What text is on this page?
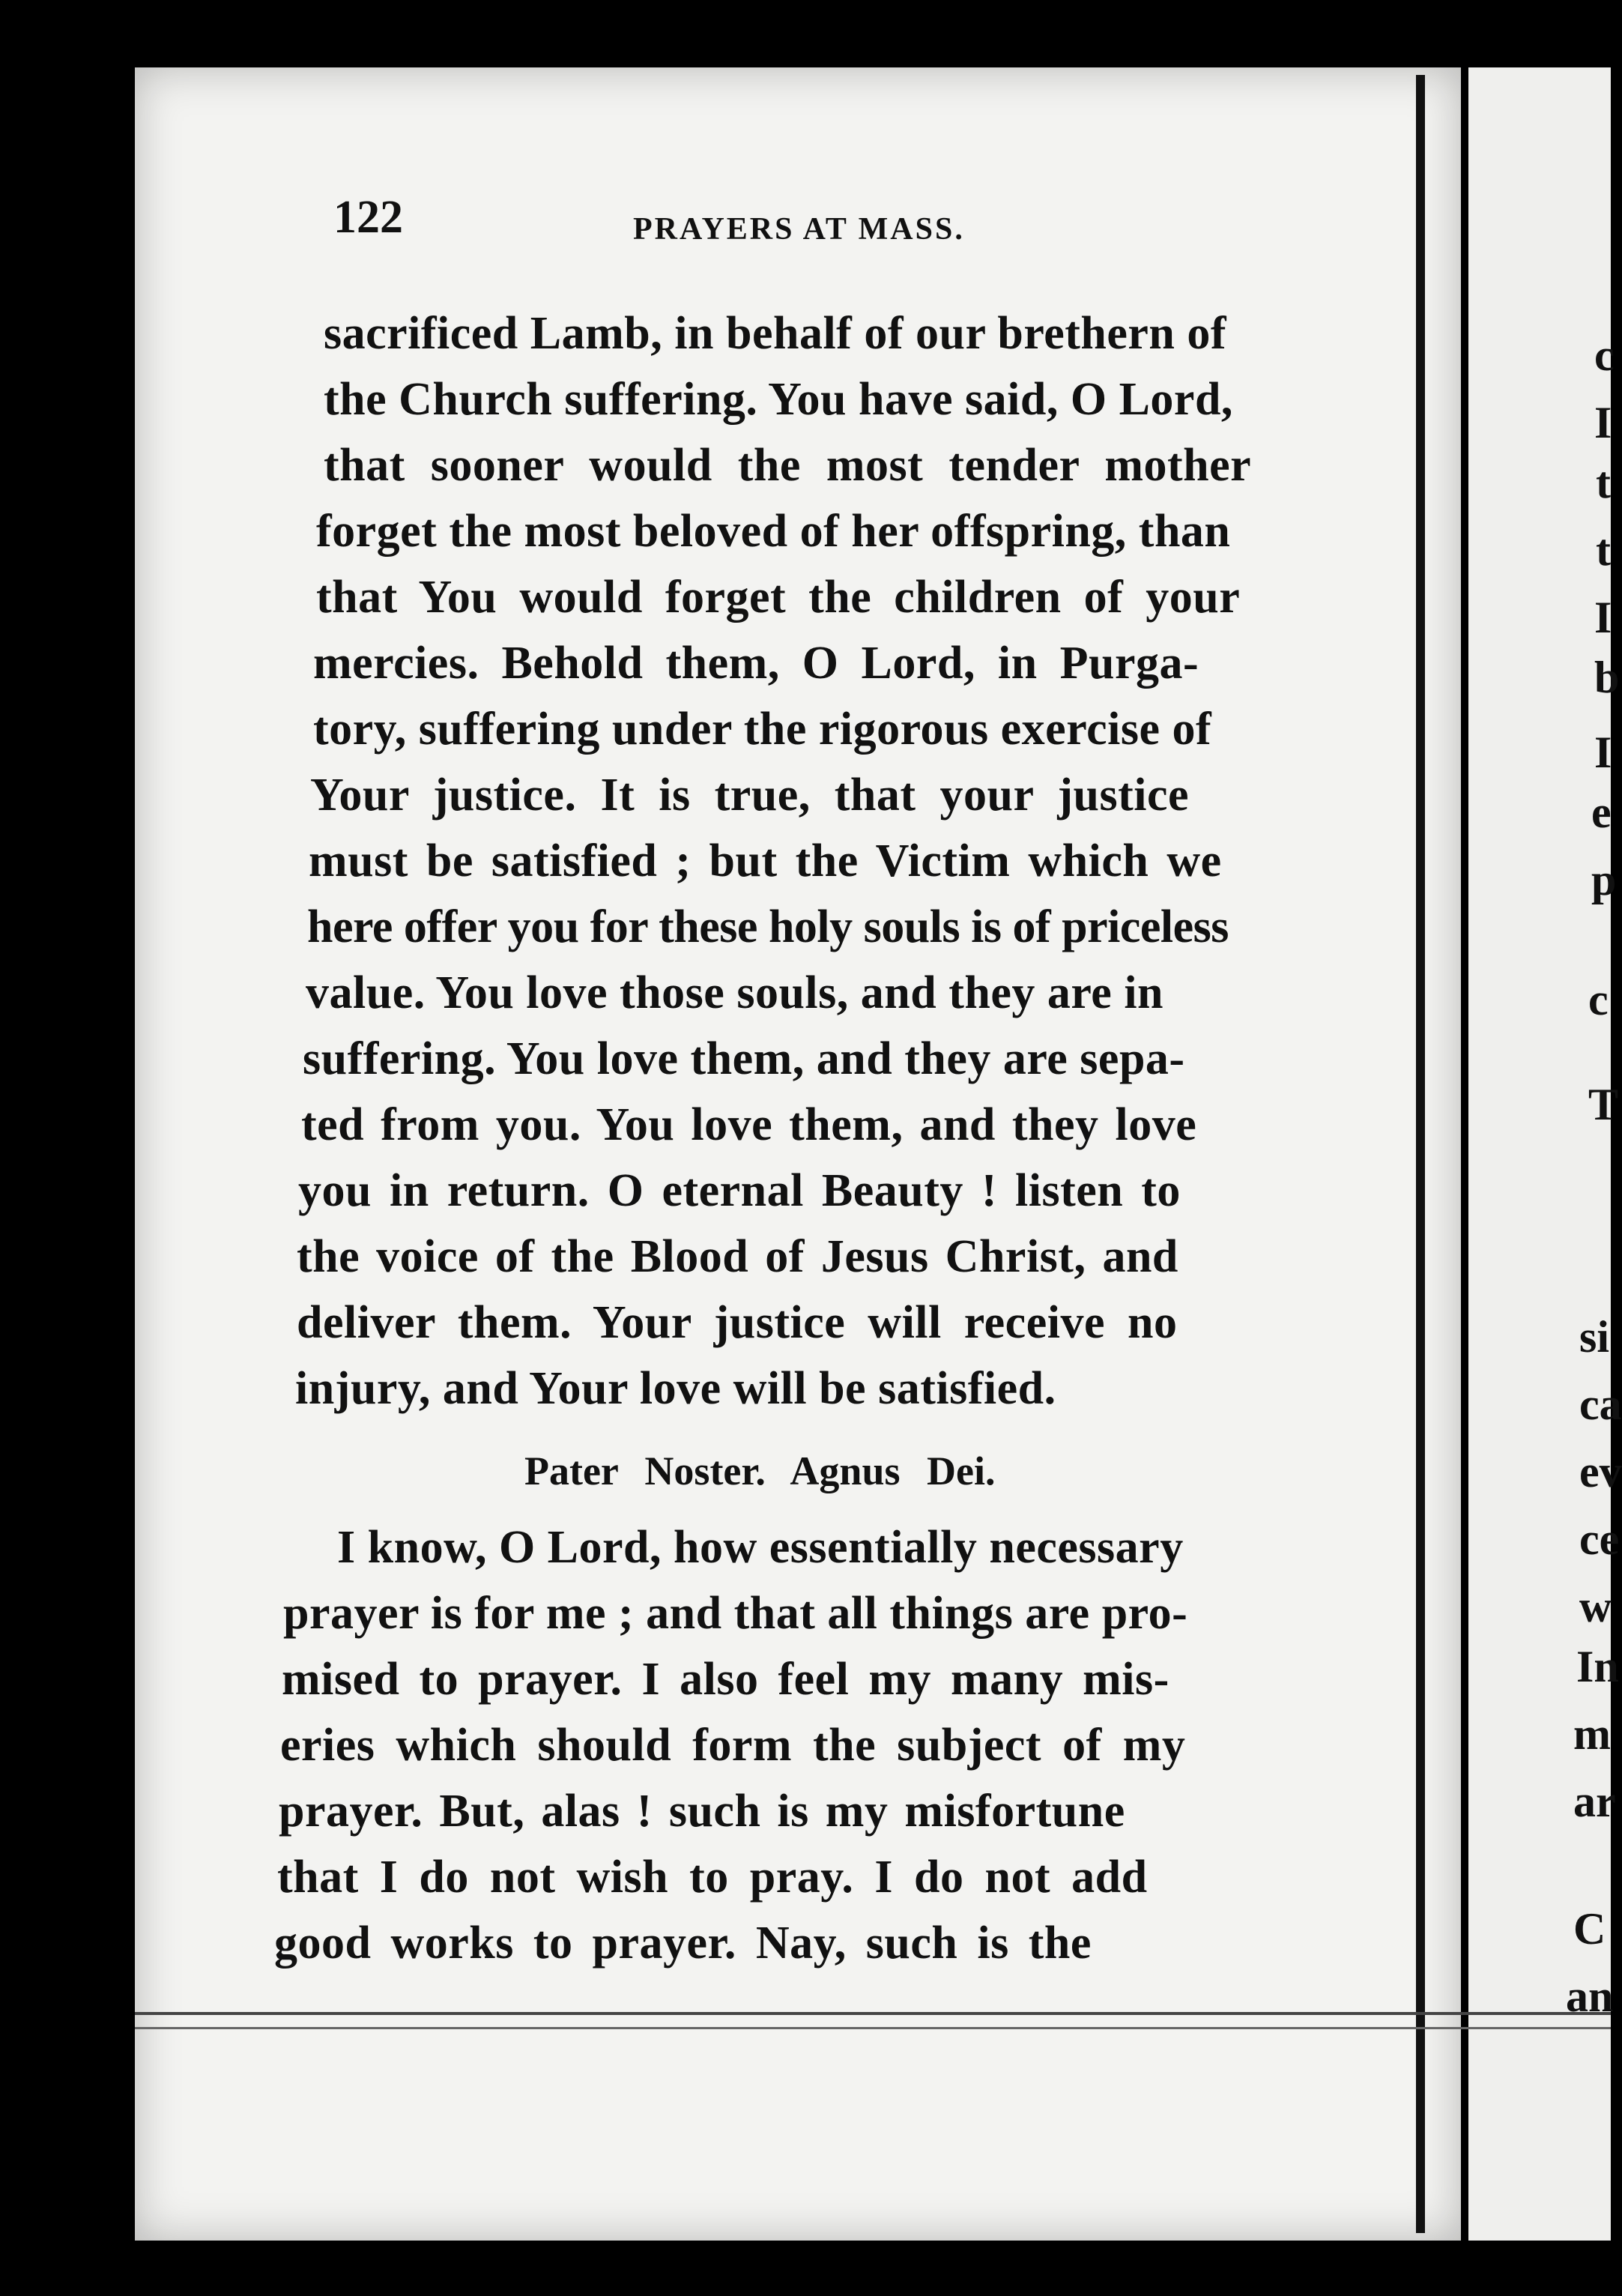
122	PRAYERS AT MASS.
sacrificed Lamb, in behalf of our brethern of
the Church suffering. You have said, O Lord,
that sooner would the most tender mother
forget the most beloved of her offspring, than
that You would forget the children of your
mercies. Behold them, O Lord, in Purga-
tory, suffering under the rigorous exercise of
Your justice. It is true, that your justice
must be satisfied ; but the Victim which we
here offer you for these holy souls is of priceless
value. You love those souls, and they are in
suffering. You love them, and they are sepa-
ted from you. You love them, and they love
you in return. O eternal Beauty ! listen to
the voice of the Blood of Jesus Christ, and
deliver them. Your justice will receive no
injury, and Your love will be satisfied.
Pater Noster. Agnus Dei.
I know, O Lord, how essentially necessary
prayer is for me ; and that all things are pro-
mised to prayer. I also feel my many mis-
eries which should form the subject of my
prayer. But, alas ! such is my misfortune
that I do not wish to pray. I do not add
good works to prayer. Nay, such is the
c
I
t
t
I
b
I
e
p
c
T
si
ca
ev
ce
w
In
m
ar
C
an
